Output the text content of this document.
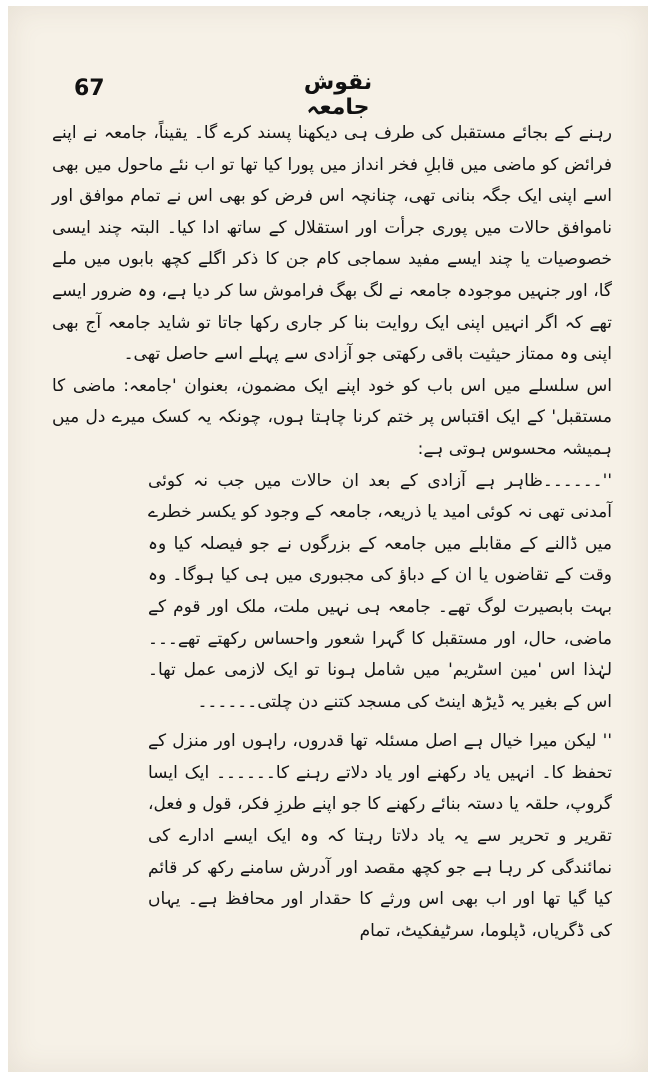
67	نقوش جامعہ

رہنے کے بجائے مستقبل کی طرف ہی دیکھنا پسند کرے گا۔ یقیناً، جامعہ نے اپنے فرائض کو ماضی میں قابلِ فخر انداز میں پورا کیا تھا تو اب نئے ماحول میں بھی اسے اپنی ایک جگہ بنانی تھی، چنانچہ اس فرض کو بھی اس نے تمام موافق اور ناموافق حالات میں پوری جرأت اور استقلال کے ساتھ ادا کیا۔ البتہ چند ایسی خصوصیات یا چند ایسے مفید سماجی کام جن کا ذکر اگلے کچھ بابوں میں ملے گا، اور جنہیں موجودہ جامعہ نے لگ بھگ فراموش سا کر دیا ہے، وہ ضرور ایسے تھے کہ اگر انہیں اپنی ایک روایت بنا کر جاری رکھا جاتا تو شاید جامعہ آج بھی اپنی وہ ممتاز حیثیت باقی رکھتی جو آزادی سے پہلے اسے حاصل تھی۔

اس سلسلے میں اس باب کو خود اپنے ایک مضمون، بعنوان 'جامعہ: ماضی کا مستقبل' کے ایک اقتباس پر ختم کرنا چاہتا ہوں، چونکہ یہ کسک میرے دل میں ہمیشہ محسوس ہوتی ہے:

''۔۔۔۔۔۔ظاہر ہے آزادی کے بعد ان حالات میں جب نہ کوئی آمدنی تھی نہ کوئی امید یا ذریعہ، جامعہ کے وجود کو یکسر خطرے میں ڈالنے کے مقابلے میں جامعہ کے بزرگوں نے جو فیصلہ کیا وہ وقت کے تقاضوں یا ان کے دباؤ کی مجبوری میں ہی کیا ہوگا۔ وہ بہت بابصیرت لوگ تھے۔ جامعہ ہی نہیں ملت، ملک اور قوم کے ماضی، حال، اور مستقبل کا گہرا شعور واحساس رکھتے تھے۔۔۔ لہٰذا اس 'مین اسٹریم' میں شامل ہونا تو ایک لازمی عمل تھا۔ اس کے بغیر یہ ڈیڑھ اینٹ کی مسجد کتنے دن چلتی۔۔۔۔۔۔

'' لیکن میرا خیال ہے اصل مسئلہ تھا قدروں، راہوں اور منزل کے تحفظ کا۔ انہیں یاد رکھنے اور یاد دلاتے رہنے کا۔۔۔۔۔۔ ایک ایسا گروپ، حلقہ یا دستہ بنائے رکھنے کا جو اپنے طرزِ فکر، قول و فعل، تقریر و تحریر سے یہ یاد دلاتا رہتا کہ وہ ایک ایسے ادارے کی نمائندگی کر رہا ہے جو کچھ مقصد اور آدرش سامنے رکھ کر قائم کیا گیا تھا اور اب بھی اس ورثے کا حقدار اور محافظ ہے۔ یہاں کی ڈگریاں، ڈپلوما، سرٹیفکیٹ، تمام
